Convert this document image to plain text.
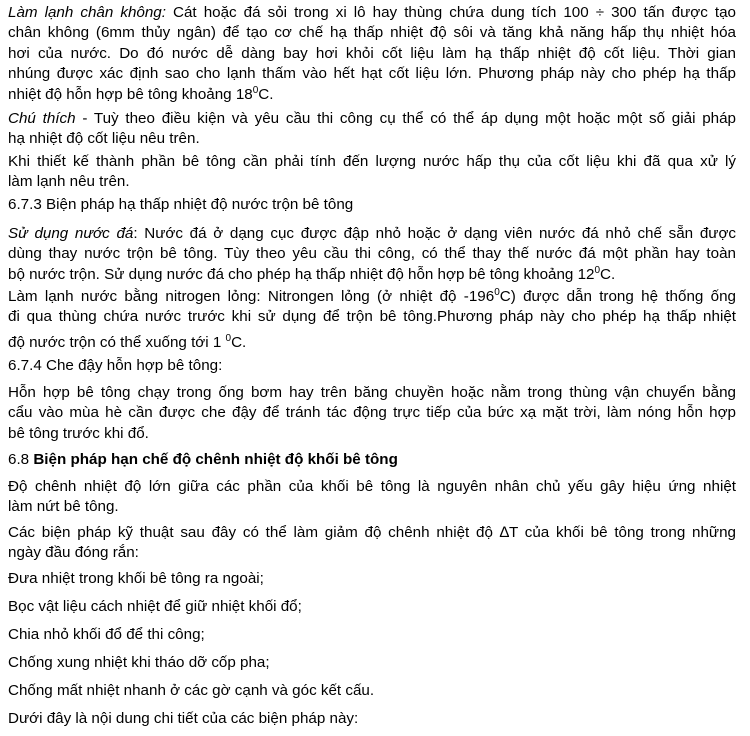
Làm lạnh chân không: Cát hoặc đá sỏi trong xi lô hay thùng chứa dung tích 100 ÷ 300 tấn được tạo
chân không (6mm thủy ngân) để tạo cơ chế hạ thấp nhiệt độ sôi và tăng khả năng hấp thụ nhiệt hóa
hơi của nước. Do đó nước dễ dàng bay hơi khỏi cốt liệu làm hạ thấp nhiệt độ cốt liệu. Thời gian
nhúng được xác định sao cho lạnh thấm vào hết hạt cốt liệu lớn. Phương pháp này cho phép hạ thấp
nhiệt độ hỗn hợp bê tông khoảng $18^0C$.

Chú thích - Tuỳ theo điều kiện và yêu cầu thi công cụ thể có thể áp dụng một hoặc một số giải pháp
hạ nhiệt độ cốt liệu nêu trên.

Khi thiết kế thành phần bê tông cần phải tính đến lượng nước hấp thụ của cốt liệu khi đã qua xử lý
làm lạnh nêu trên.

6.7.3 Biện pháp hạ thấp nhiệt độ nước trộn bê tông

Sử dụng nước đá: Nước đá ở dạng cục được đập nhỏ hoặc ở dạng viên nước đá nhỏ chế sẵn được
dùng thay nước trộn bê tông. Tùy theo yêu cầu thi công, có thể thay thế nước đá một phần hay toàn
bộ nước trộn. Sử dụng nước đá cho phép hạ thấp nhiệt độ hỗn hợp bê tông khoảng $12^0C$.

Làm lạnh nước bằng nitrogen lỏng: Nitrongen lỏng (ở nhiệt độ $-196^0C$) được dẫn trong hệ thống ống
đi qua thùng chứa nước trước khi sử dụng để trộn bê tông.Phương pháp này cho phép hạ thấp nhiệt
độ nước trộn có thể xuống tới 1 $^0$C.

6.7.4 Che đậy hỗn hợp bê tông:

Hỗn hợp bê tông chạy trong ống bơm hay trên băng chuyền hoặc nằm trong thùng vận chuyển bằng
cẩu vào mùa hè cần được che đậy để tránh tác động trực tiếp của bức xạ mặt trời, làm nóng hỗn hợp
bê tông trước khi đổ.

6.8 Biện pháp hạn chế độ chênh nhiệt độ khối bê tông

Độ chênh nhiệt độ lớn giữa các phần của khối bê tông là nguyên nhân chủ yếu gây hiệu ứng nhiệt
làm nứt bê tông.

Các biện pháp kỹ thuật sau đây có thể làm giảm độ chênh nhiệt độ ∆T của khối bê tông trong những
ngày đầu đóng rắn:

Đưa nhiệt trong khối bê tông ra ngoài;

Bọc vật liệu cách nhiệt để giữ nhiệt khối đổ;

Chia nhỏ khối đổ để thi công;

Chống xung nhiệt khi tháo dỡ cốp pha;

Chống mất nhiệt nhanh ở các gờ cạnh và góc kết cấu.

Dưới đây là nội dung chi tiết của các biện pháp này:
